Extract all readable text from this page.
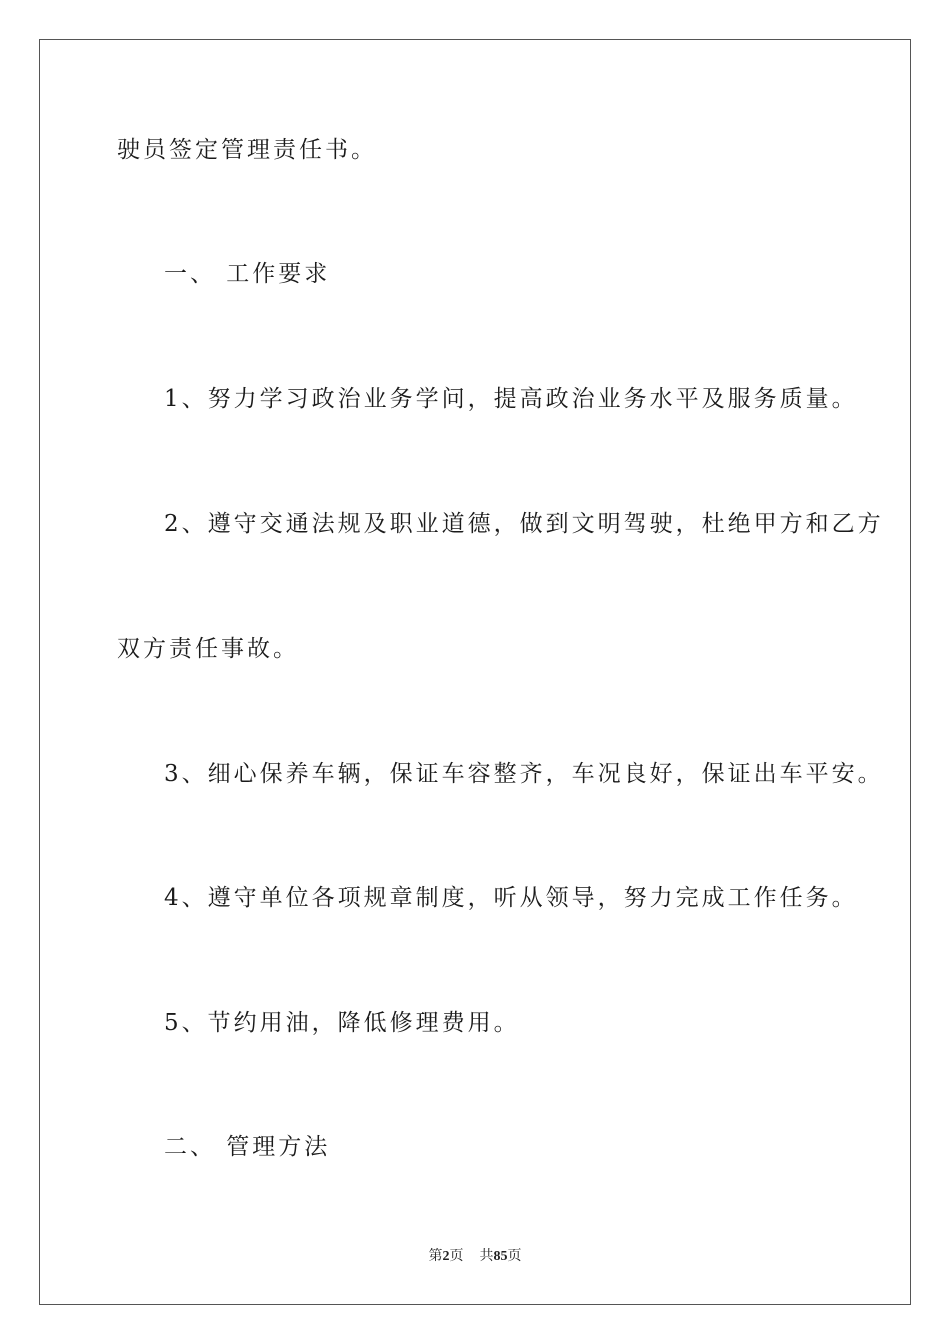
驶员签定管理责任书。
一、 工作要求
1、努力学习政治业务学问，提高政治业务水平及服务质量。
2、遵守交通法规及职业道德，做到文明驾驶，杜绝甲方和乙方
双方责任事故。
3、细心保养车辆，保证车容整齐，车况良好，保证出车平安。
4、遵守单位各项规章制度，听从领导，努力完成工作任务。
5、节约用油，降低修理费用。
二、 管理方法
第2页 共85页
